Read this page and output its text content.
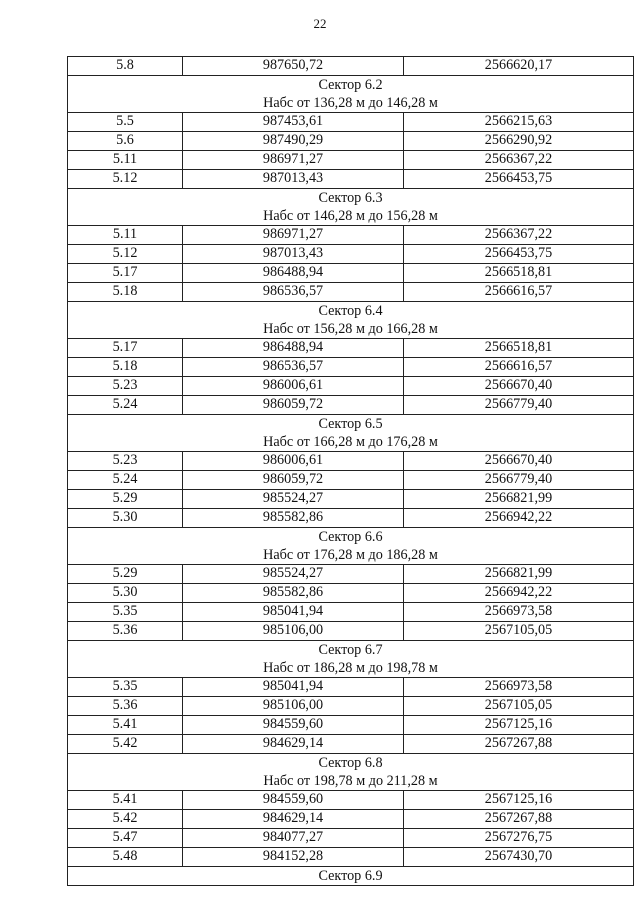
22
5.8	987650,72	2566620,17
Сектор 6.2
Набс от 136,28 м до 146,28 м
5.5	987453,61	2566215,63
5.6	987490,29	2566290,92
5.11	986971,27	2566367,22
5.12	987013,43	2566453,75
Сектор 6.3
Набс от 146,28 м до 156,28 м
5.11	986971,27	2566367,22
5.12	987013,43	2566453,75
5.17	986488,94	2566518,81
5.18	986536,57	2566616,57
Сектор 6.4
Набс от 156,28 м до 166,28 м
5.17	986488,94	2566518,81
5.18	986536,57	2566616,57
5.23	986006,61	2566670,40
5.24	986059,72	2566779,40
Сектор 6.5
Набс от 166,28 м до 176,28 м
5.23	986006,61	2566670,40
5.24	986059,72	2566779,40
5.29	985524,27	2566821,99
5.30	985582,86	2566942,22
Сектор 6.6
Набс от 176,28 м до 186,28 м
5.29	985524,27	2566821,99
5.30	985582,86	2566942,22
5.35	985041,94	2566973,58
5.36	985106,00	2567105,05
Сектор 6.7
Набс от 186,28 м до 198,78 м
5.35	985041,94	2566973,58
5.36	985106,00	2567105,05
5.41	984559,60	2567125,16
5.42	984629,14	2567267,88
Сектор 6.8
Набс от 198,78 м до 211,28 м
5.41	984559,60	2567125,16
5.42	984629,14	2567267,88
5.47	984077,27	2567276,75
5.48	984152,28	2567430,70
Сектор 6.9
